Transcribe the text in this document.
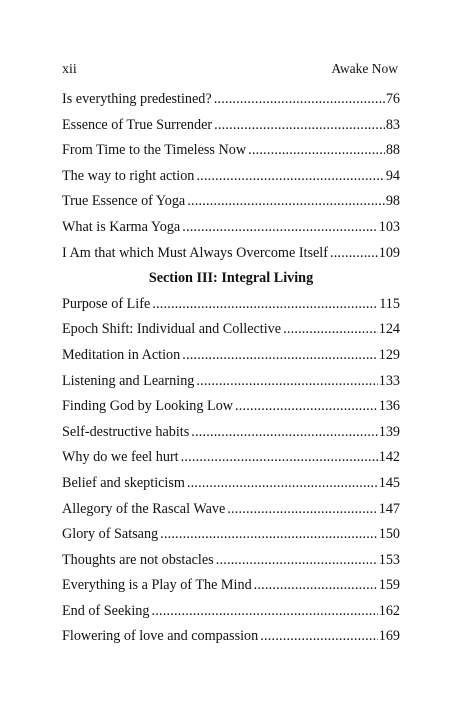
xii	Awake Now
Is everything predestined? .....	76
Essence of True Surrender .....	83
From Time to the Timeless Now .....	88
The way to right action .....	94
True Essence of Yoga .....	98
What is Karma Yoga .....	103
I Am that which Must Always Overcome Itself .....	109
Section III: Integral Living
Purpose of Life .....	115
Epoch Shift: Individual and Collective .....	124
Meditation in Action .....	129
Listening and Learning .....	133
Finding God by Looking Low .....	136
Self-destructive habits .....	139
Why do we feel hurt .....	142
Belief and skepticism .....	145
Allegory of the Rascal Wave .....	147
Glory of Satsang .....	150
Thoughts are not obstacles .....	153
Everything is a Play of The Mind .....	159
End of Seeking .....	162
Flowering of love and compassion .....	169
